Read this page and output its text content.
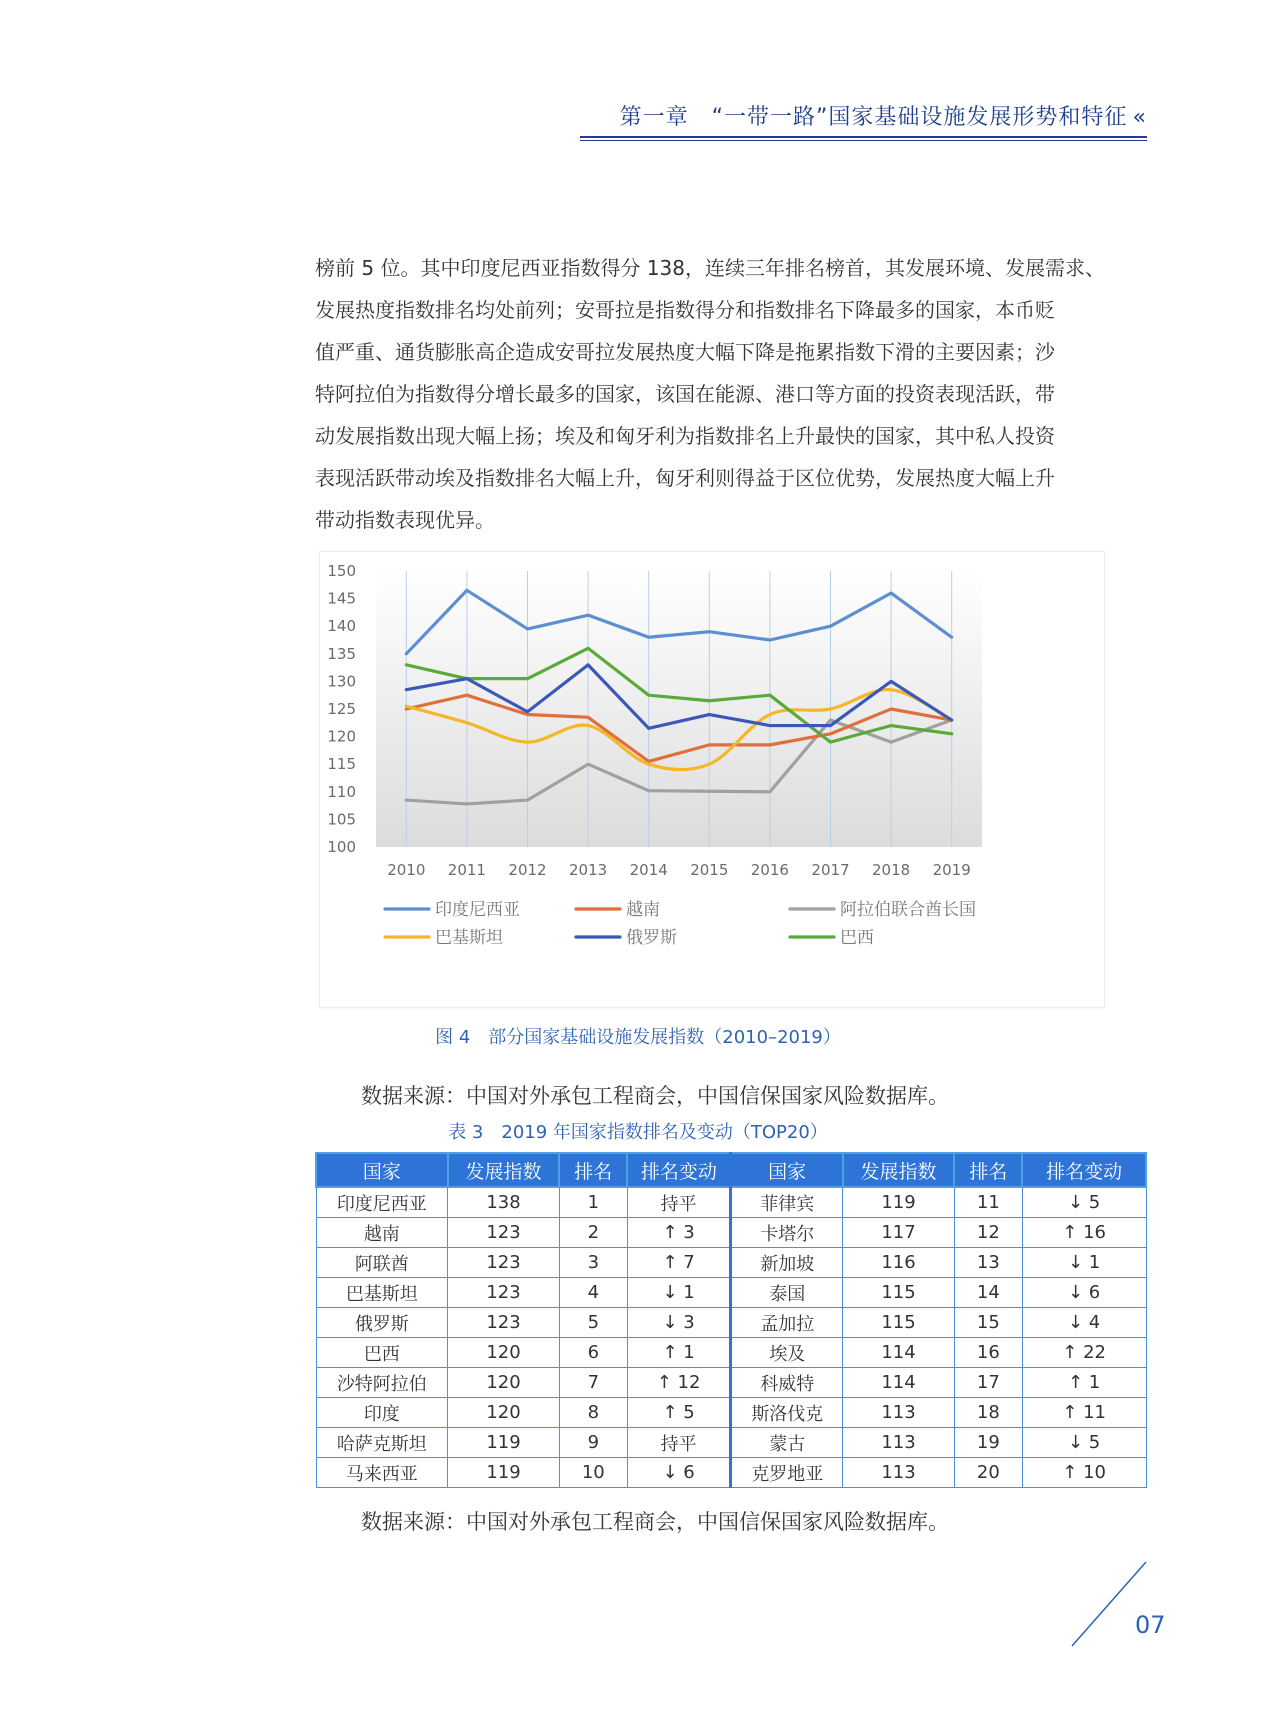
第一章　“一带一路”国家基础设施发展形势和特征 «

榜前 5 位。其中印度尼西亚指数得分 138，连续三年排名榜首，其发展环境、发展需求、

发展热度指数排名均处前列；安哥拉是指数得分和指数排名下降最多的国家，本币贬

值严重、通货膨胀高企造成安哥拉发展热度大幅下降是拖累指数下滑的主要因素；沙

特阿拉伯为指数得分增长最多的国家，该国在能源、港口等方面的投资表现活跃，带

动发展指数出现大幅上扬；埃及和匈牙利为指数排名上升最快的国家，其中私人投资

表现活跃带动埃及指数排名大幅上升，匈牙利则得益于区位优势，发展热度大幅上升

带动指数表现优异。

150
145
140
135
130
125
120
115
110
105
100
2010 2011 2012 2013 2014 2015 2016 2017 2018 2019
印度尼西亚	越南	阿拉伯联合酋长国
巴基斯坦	俄罗斯	巴西
图 4　部分国家基础设施发展指数（2010–2019）
数据来源：中国对外承包工程商会，中国信保国家风险数据库。
表 3　2019 年国家指数排名及变动（TOP20）
国家	发展指数	排名	排名变动	国家	发展指数	排名	排名变动
印度尼西亚	138	1	持平	菲律宾	119	11	↓ 5
越南	123	2	↑ 3	卡塔尔	117	12	↑ 16
阿联酋	123	3	↑ 7	新加坡	116	13	↓ 1
巴基斯坦	123	4	↓ 1	泰国	115	14	↓ 6
俄罗斯	123	5	↓ 3	孟加拉	115	15	↓ 4
巴西	120	6	↑ 1	埃及	114	16	↑ 22
沙特阿拉伯	120	7	↑ 12	科威特	114	17	↑ 1
印度	120	8	↑ 5	斯洛伐克	113	18	↑ 11
哈萨克斯坦	119	9	持平	蒙古	113	19	↓ 5
马来西亚	119	10	↓ 6	克罗地亚	113	20	↑ 10
数据来源：中国对外承包工程商会，中国信保国家风险数据库。
07
